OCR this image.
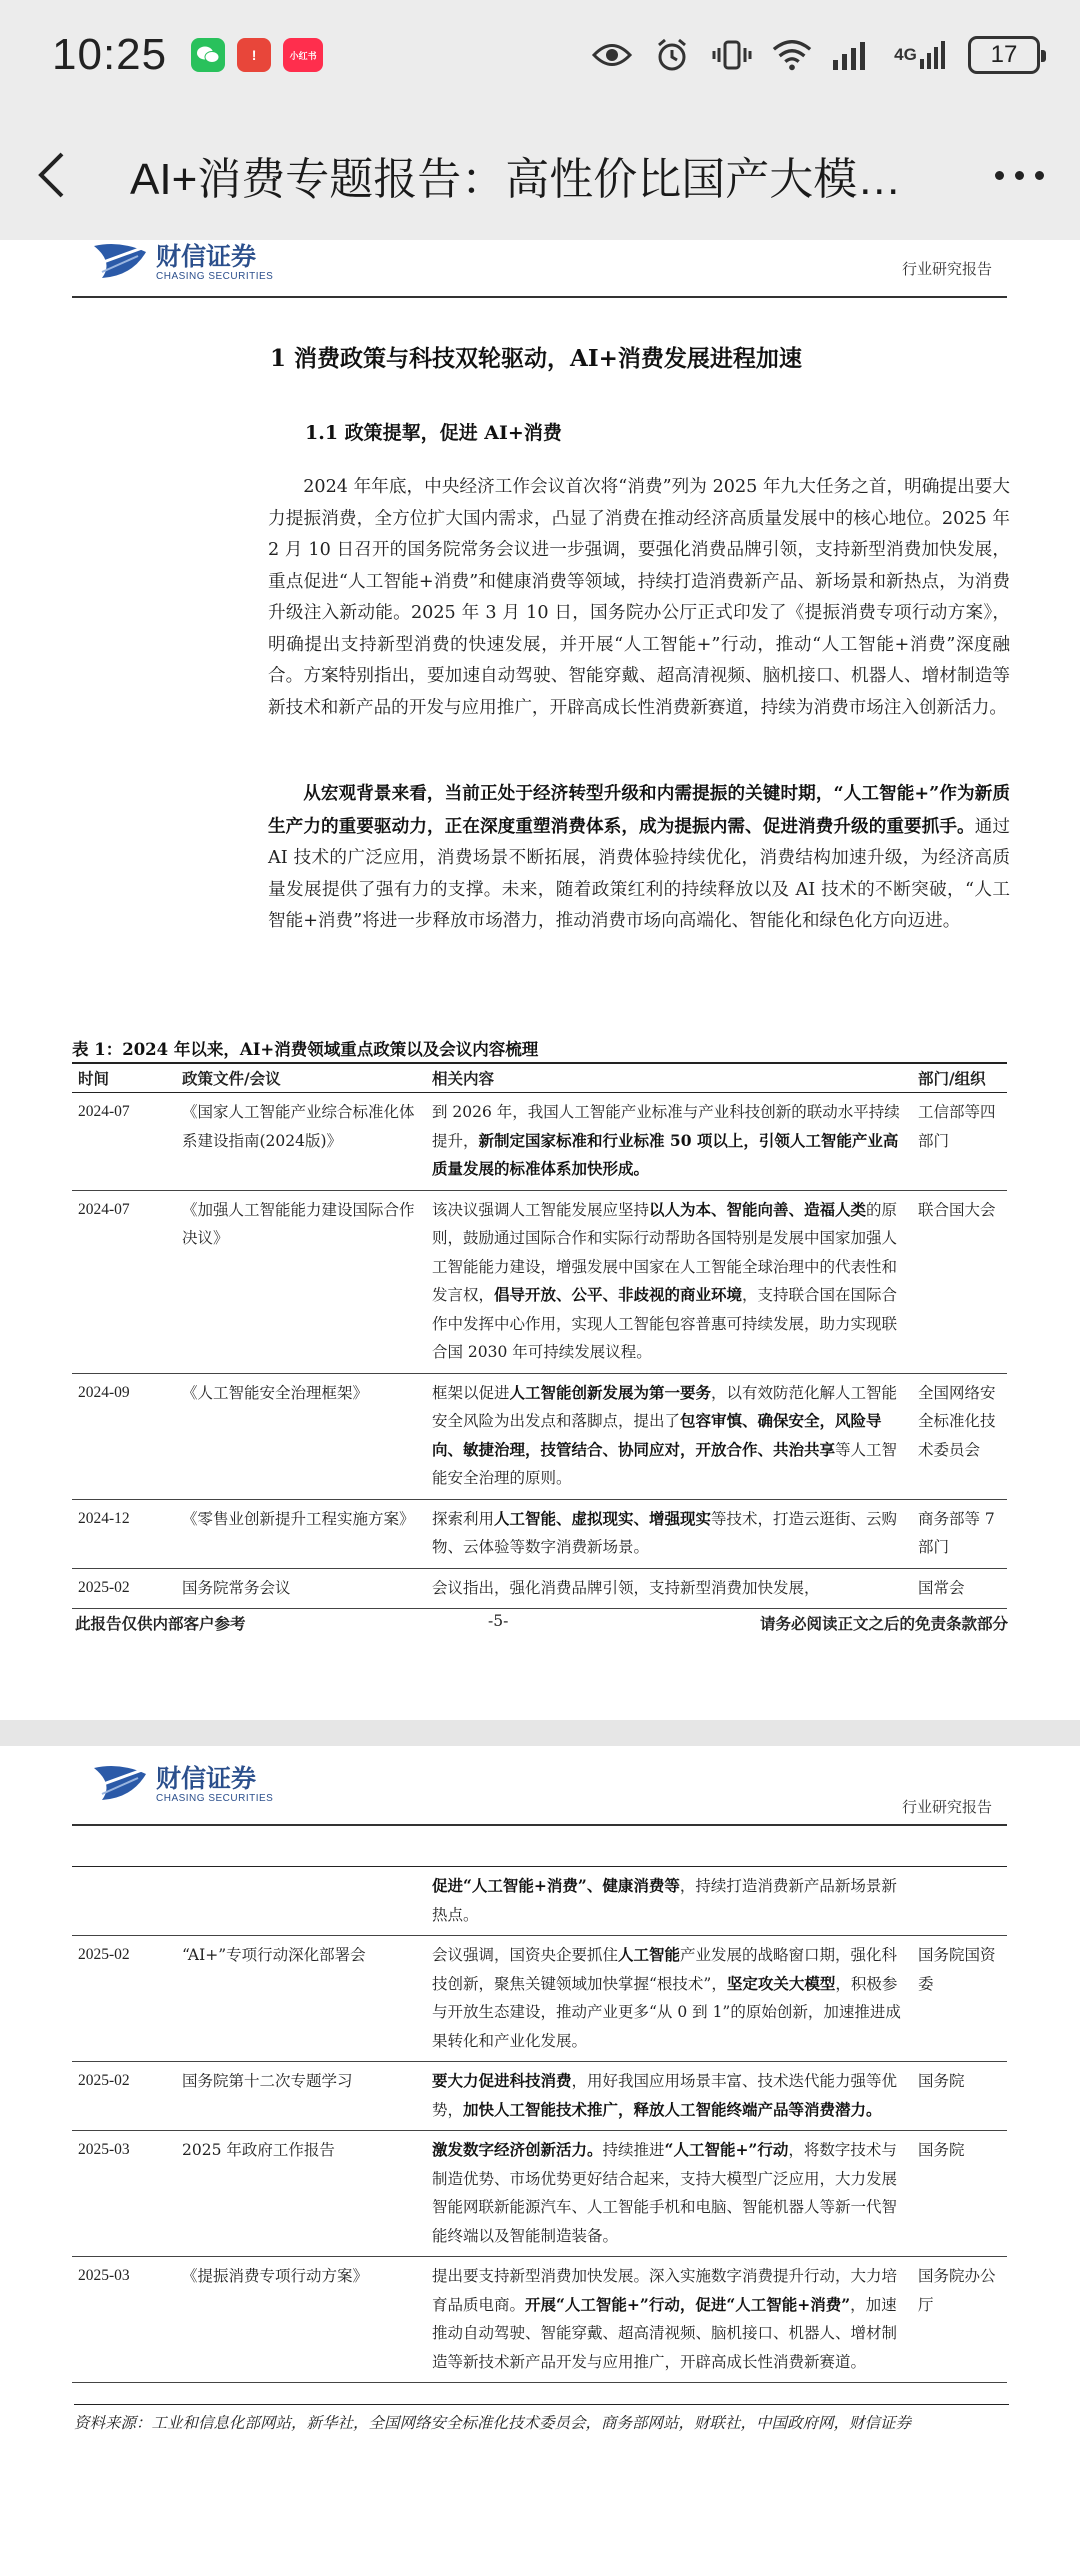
10:25	!	小红书	4G	17
AI+消费专题报告：高性价比国产大模…
财信证券
CHASING SECURITIES	行业研究报告
1 消费政策与科技双轮驱动，AI+消费发展进程加速
1.1 政策提挈，促进 AI+消费
2024 年年底，中央经济工作会议首次将“消费”列为 2025 年九大任务之首，明确提出要大力提振消费，全方位扩大国内需求，凸显了消费在推动经济高质量发展中的核心地位。2025 年 2 月 10 日召开的国务院常务会议进一步强调，要强化消费品牌引领，支持新型消费加快发展，重点促进“人工智能+消费”和健康消费等领域，持续打造消费新产品、新场景和新热点，为消费升级注入新动能。2025 年 3 月 10 日，国务院办公厅正式印发了《提振消费专项行动方案》，明确提出支持新型消费的快速发展，并开展“人工智能+”行动，推动“人工智能+消费”深度融合。方案特别指出，要加速自动驾驶、智能穿戴、超高清视频、脑机接口、机器人、增材制造等新技术和新产品的开发与应用推广，开辟高成长性消费新赛道，持续为消费市场注入创新活力。
从宏观背景来看，当前正处于经济转型升级和内需提振的关键时期，“人工智能+”作为新质生产力的重要驱动力，正在深度重塑消费体系，成为提振内需、促进消费升级的重要抓手。通过 AI 技术的广泛应用，消费场景不断拓展，消费体验持续优化，消费结构加速升级，为经济高质量发展提供了强有力的支撑。未来，随着政策红利的持续释放以及 AI 技术的不断突破，“人工智能+消费”将进一步释放市场潜力，推动消费市场向高端化、智能化和绿色化方向迈进。
表 1：2024 年以来，AI+消费领域重点政策以及会议内容梳理
时间	政策文件/会议	相关内容	部门/组织
2024-07	《国家人工智能产业综合标准化体系建设指南(2024版)》	到 2026 年，我国人工智能产业标准与产业科技创新的联动水平持续提升，新制定国家标准和行业标准 50 项以上，引领人工智能产业高质量发展的标准体系加快形成。	工信部等四部门
2024-07	《加强人工智能能力建设国际合作决议》	该决议强调人工智能发展应坚持以人为本、智能向善、造福人类的原则，鼓励通过国际合作和实际行动帮助各国特别是发展中国家加强人工智能能力建设，增强发展中国家在人工智能全球治理中的代表性和发言权，倡导开放、公平、非歧视的商业环境，支持联合国在国际合作中发挥中心作用，实现人工智能包容普惠可持续发展，助力实现联合国 2030 年可持续发展议程。	联合国大会
2024-09	《人工智能安全治理框架》	框架以促进人工智能创新发展为第一要务，以有效防范化解人工智能安全风险为出发点和落脚点，提出了包容审慎、确保安全，风险导向、敏捷治理，技管结合、协同应对，开放合作、共治共享等人工智能安全治理的原则。	全国网络安全标准化技术委员会
2024-12	《零售业创新提升工程实施方案》	探索利用人工智能、虚拟现实、增强现实等技术，打造云逛街、云购物、云体验等数字消费新场景。	商务部等 7 部门
2025-02	国务院常务会议	会议指出，强化消费品牌引领，支持新型消费加快发展，	国常会
此报告仅供内部客户参考	-5-	请务必阅读正文之后的免责条款部分
财信证券
CHASING SECURITIES	行业研究报告
		促进“人工智能+消费”、健康消费等，持续打造消费新产品新场景新热点。	
2025-02	“AI+”专项行动深化部署会	会议强调，国资央企要抓住人工智能产业发展的战略窗口期，强化科技创新，聚焦关键领域加快掌握“根技术”，坚定攻关大模型，积极参与开放生态建设，推动产业更多“从 0 到 1”的原始创新，加速推进成果转化和产业化发展。	国务院国资委
2025-02	国务院第十二次专题学习	要大力促进科技消费，用好我国应用场景丰富、技术迭代能力强等优势，加快人工智能技术推广，释放人工智能终端产品等消费潜力。	国务院
2025-03	2025 年政府工作报告	激发数字经济创新活力。持续推进“人工智能+”行动，将数字技术与制造优势、市场优势更好结合起来，支持大模型广泛应用，大力发展智能网联新能源汽车、人工智能手机和电脑、智能机器人等新一代智能终端以及智能制造装备。	国务院
2025-03	《提振消费专项行动方案》	提出要支持新型消费加快发展。深入实施数字消费提升行动，大力培育品质电商。开展“人工智能+”行动，促进“人工智能+消费”，加速推动自动驾驶、智能穿戴、超高清视频、脑机接口、机器人、增材制造等新技术新产品开发与应用推广，开辟高成长性消费新赛道。	国务院办公厅
资料来源：工业和信息化部网站，新华社，全国网络安全标准化技术委员会，商务部网站，财联社，中国政府网，财信证券
